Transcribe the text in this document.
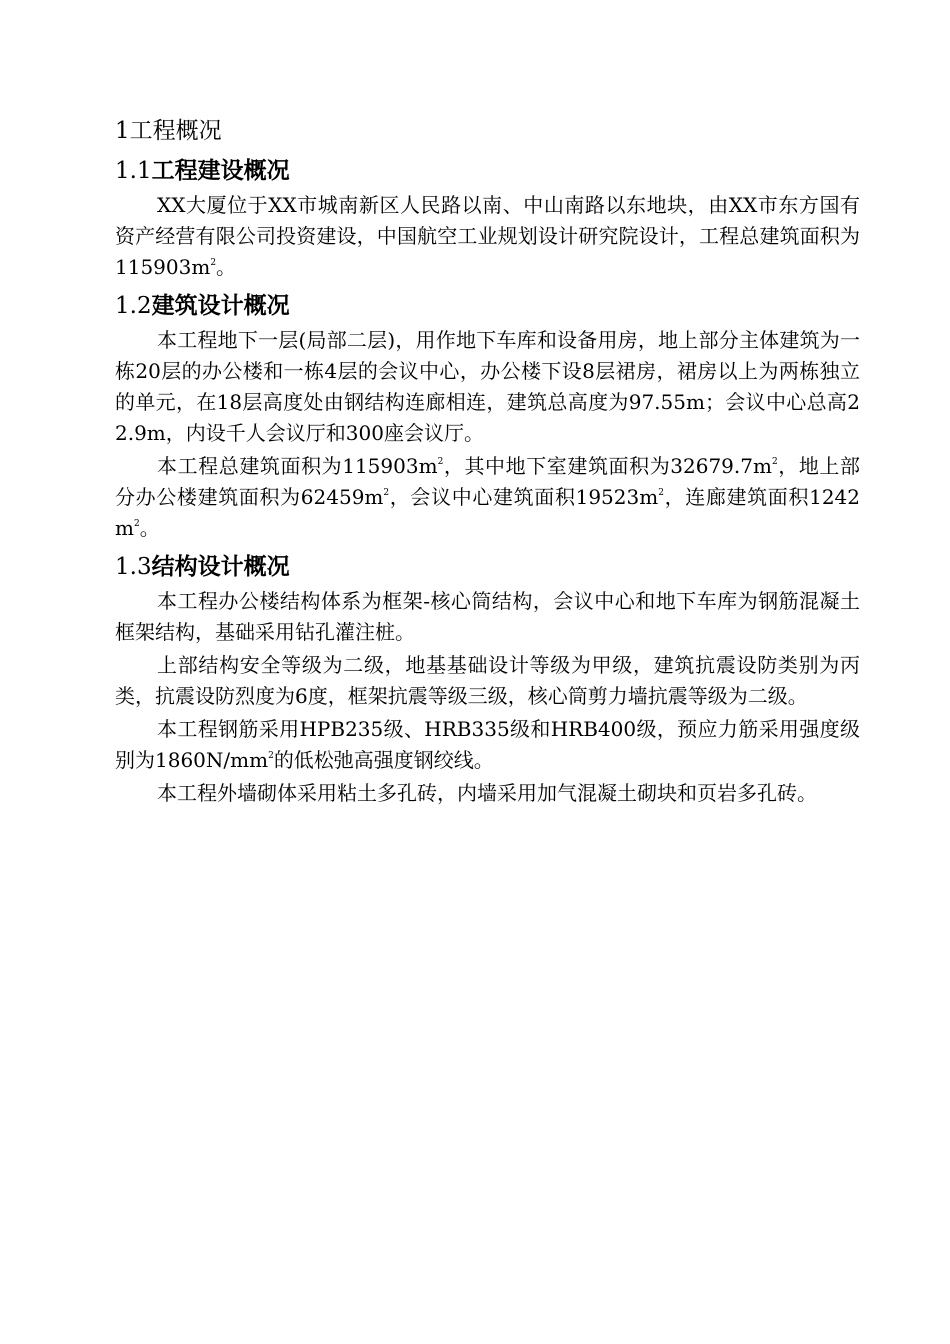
1工程概况
1.1工程建设概况

XX大厦位于XX市城南新区人民路以南、中山南路以东地块，由XX市东方国有资产经营有限公司投资建设，中国航空工业规划设计研究院设计，工程总建筑面积为$115903m^2$。

1.2建筑设计概况

本工程地下一层(局部二层)，用作地下车库和设备用房，地上部分主体建筑为一栋20层的办公楼和一栋4层的会议中心，办公楼下设8层裙房，裙房以上为两栋独立的单元，在18层高度处由钢结构连廊相连，建筑总高度为97.55m；会议中心总高22.9m，内设千人会议厅和300座会议厅。

本工程总建筑面积为$115903m^2$，其中地下室建筑面积为$32679.7m^2$，地上部分办公楼建筑面积为$62459m^2$，会议中心建筑面积$19523m^2$，连廊建筑面积$1242m^2$。

1.3结构设计概况

本工程办公楼结构体系为框架-核心筒结构，会议中心和地下车库为钢筋混凝土框架结构，基础采用钻孔灌注桩。

上部结构安全等级为二级，地基基础设计等级为甲级，建筑抗震设防类别为丙类，抗震设防烈度为6度，框架抗震等级三级，核心筒剪力墙抗震等级为二级。

本工程钢筋采用HPB235级、HRB335级和HRB400级，预应力筋采用强度级别为$1860N/mm^2$的低松弛高强度钢绞线。

本工程外墙砌体采用粘土多孔砖，内墙采用加气混凝土砌块和页岩多孔砖。
